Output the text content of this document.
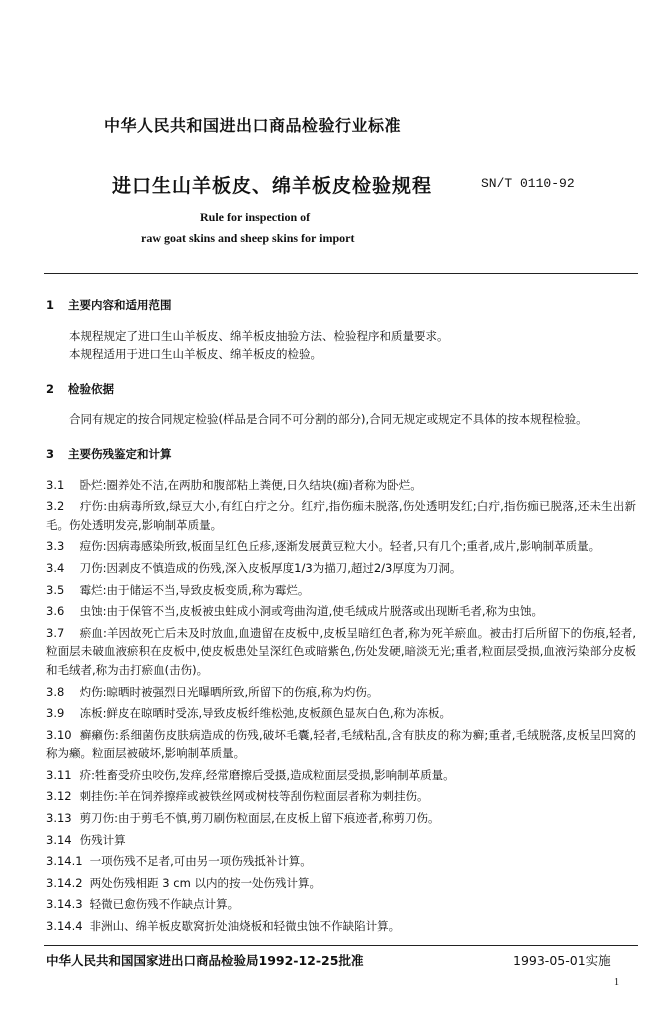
中华人民共和国进出口商品检验行业标准
进口生山羊板皮、绵羊板皮检验规程	SN/T 0110-92
Rule for inspection of
raw goat skins and sheep skins for import
1 主要内容和适用范围

本规程规定了进口生山羊板皮、绵羊板皮抽验方法、检验程序和质量要求。

本规程适用于进口生山羊板皮、绵羊板皮的检验。

2 检验依据

合同有规定的按合同规定检验(样品是合同不可分割的部分),合同无规定或规定不具体的按本规程检验。

3 主要伤残鉴定和计算
3.1 卧烂:圈养处不洁,在两肋和腹部粘上粪便,日久结块(痂)者称为卧烂。
3.2 疔伤:由病毒所致,绿豆大小,有红白疔之分。红疔,指伤痂未脱落,伤处透明发红;白疔,指伤痂已脱落,还未生出新毛。伤处透明发亮,影响制革质量。
3.3 痘伤:因病毒感染所致,板面呈红色丘疹,逐渐发展黄豆粒大小。轻者,只有几个;重者,成片,影响制革质量。
3.4 刀伤:因剥皮不慎造成的伤残,深入皮板厚度1/3为描刀,超过2/3厚度为刀洞。
3.5 霉烂:由于储运不当,导致皮板变质,称为霉烂。
3.6 虫蚀:由于保管不当,皮板被虫蛀成小洞或弯曲沟道,使毛绒成片脱落或出现断毛者,称为虫蚀。
3.7 瘀血:羊因故死亡后未及时放血,血遗留在皮板中,皮板呈暗红色者,称为死羊瘀血。被击打后所留下的伤痕,轻者,粒面层未破血液瘀积在皮板中,使皮板患处呈深红色或暗紫色,伤处发硬,暗淡无光;重者,粒面层受损,血液污染部分皮板和毛绒者,称为击打瘀血(击伤)。
3.8 灼伤:晾晒时被强烈日光曝晒所致,所留下的伤痕,称为灼伤。
3.9 冻板:鲜皮在晾晒时受冻,导致皮板纤维松弛,皮板颜色显灰白色,称为冻板。
3.10 癣癞伤:系细菌伤皮肤病造成的伤残,破坏毛囊,轻者,毛绒粘乱,含有肤皮的称为癣;重者,毛绒脱落,皮板呈凹窝的称为癞。粒面层被破坏,影响制革质量。
3.11 疥:牲畜受疥虫咬伤,发痒,经常磨擦后受摄,造成粒面层受损,影响制革质量。
3.12 刺挂伤:羊在饲养擦痒或被铁丝网或树枝等刮伤粒面层者称为刺挂伤。
3.13 剪刀伤:由于剪毛不慎,剪刀刷伤粒面层,在皮板上留下痕迹者,称剪刀伤。
3.14 伤残计算
3.14.1 一项伤残不足者,可由另一项伤残抵补计算。
3.14.2 两处伤残相距 3 cm 以内的按一处伤残计算。
3.14.3 轻微已愈伤残不作缺点计算。
3.14.4 非洲山、绵羊板皮歇窝折处油烧板和轻微虫蚀不作缺陷计算。
中华人民共和国国家进出口商品检验局1992-12-25批准	1993-05-01实施
1
